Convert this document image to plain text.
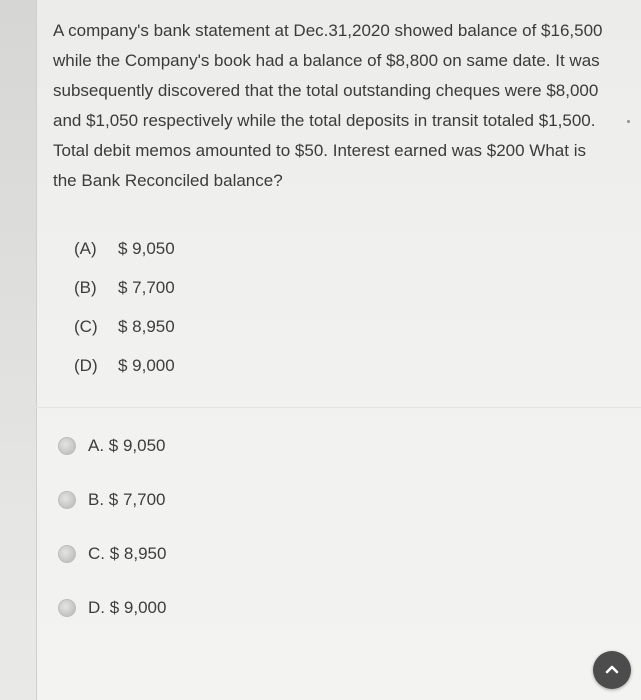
A company's bank statement at Dec.31,2020 showed balance of $16,500 while the Company's book had a balance of $8,800 on same date. It was subsequently discovered that the total outstanding cheques were $8,000 and $1,050 respectively while the total deposits in transit totaled $1,500. Total debit memos amounted to $50. Interest earned was $200 What is the Bank Reconciled balance?
(A)	$ 9,050
(B)	$ 7,700
(C)	$ 8,950
(D)	$ 9,000
A. $ 9,050
B. $ 7,700
C. $ 8,950
D. $ 9,000
